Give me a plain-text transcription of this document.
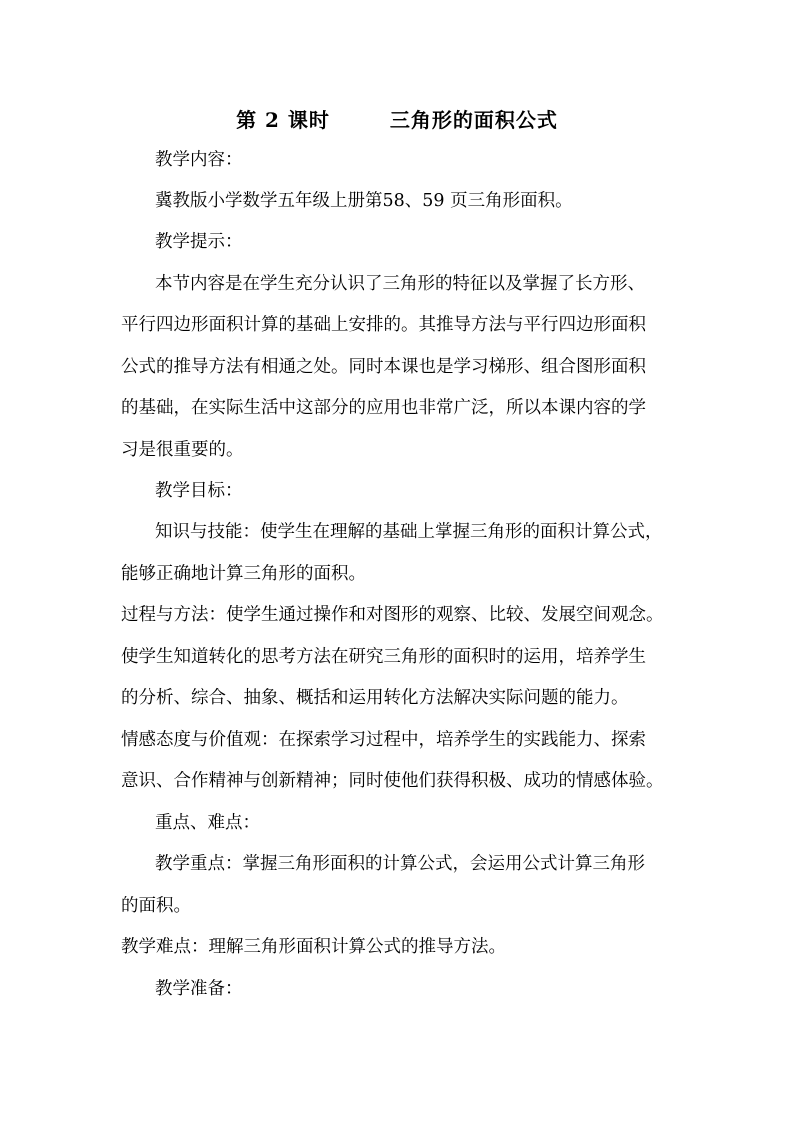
第 2 课时	三角形的面积公式

教学内容：

冀教版小学数学五年级上册第58、59 页三角形面积。

教学提示：

本节内容是在学生充分认识了三角形的特征以及掌握了长方形、

平行四边形面积计算的基础上安排的。其推导方法与平行四边形面积

公式的推导方法有相通之处。同时本课也是学习梯形、组合图形面积

的基础，在实际生活中这部分的应用也非常广泛，所以本课内容的学

习是很重要的。

教学目标：

知识与技能：使学生在理解的基础上掌握三角形的面积计算公式，

能够正确地计算三角形的面积。

过程与方法：使学生通过操作和对图形的观察、比较、发展空间观念。

使学生知道转化的思考方法在研究三角形的面积时的运用，培养学生

的分析、综合、抽象、概括和运用转化方法解决实际问题的能力。

情感态度与价值观：在探索学习过程中，培养学生的实践能力、探索

意识、合作精神与创新精神；同时使他们获得积极、成功的情感体验。

重点、难点：

教学重点：掌握三角形面积的计算公式，会运用公式计算三角形

的面积。

教学难点：理解三角形面积计算公式的推导方法。

教学准备：
